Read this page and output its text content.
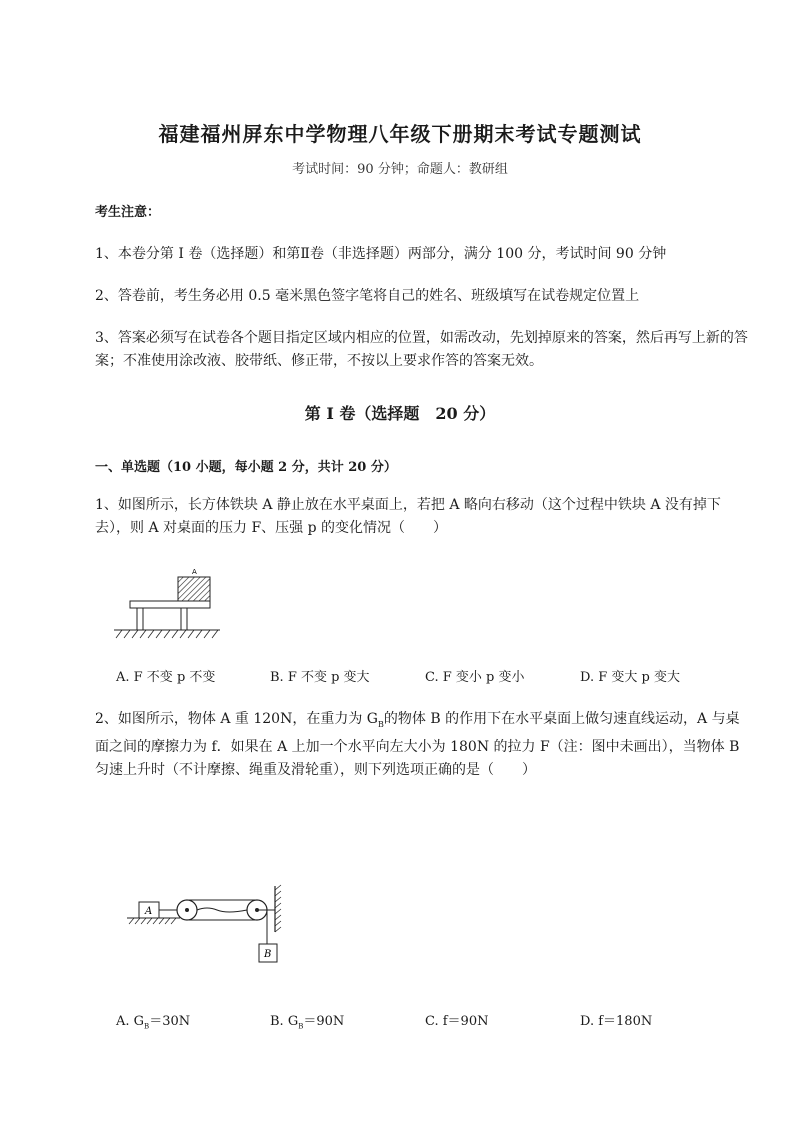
福建福州屏东中学物理八年级下册期末考试专题测试
考试时间：90 分钟；命题人：教研组
考生注意：
1、本卷分第 I 卷（选择题）和第Ⅱ卷（非选择题）两部分，满分 100 分，考试时间 90 分钟
2、答卷前，考生务必用 0.5 毫米黑色签字笔将自己的姓名、班级填写在试卷规定位置上
3、答案必须写在试卷各个题目指定区域内相应的位置，如需改动，先划掉原来的答案，然后再写上新的答案；不准使用涂改液、胶带纸、修正带，不按以上要求作答的答案无效。
第 I 卷（选择题　20 分）
一、单选题（10 小题，每小题 2 分，共计 20 分）
1、如图所示，长方体铁块 A 静止放在水平桌面上，若把 A 略向右移动（这个过程中铁块 A 没有掉下去），则 A 对桌面的压力 F、压强 p 的变化情况（　　）
A
A. F 不变 p 不变	B. F 不变 p 变大	C. F 变小 p 变小	D. F 变大 p 变大
2、如图所示，物体 A 重 120N，在重力为 $G_B$的物体 B 的作用下在水平桌面上做匀速直线运动，A 与桌面之间的摩擦力为 f．如果在 A 上加一个水平向左大小为 180N 的拉力 F（注：图中未画出），当物体 B 匀速上升时（不计摩擦、绳重及滑轮重），则下列选项正确的是（　　）
A
B
A. $G_B=30N$	B. $G_B=90N$	C. f＝90N	D. f＝180N
